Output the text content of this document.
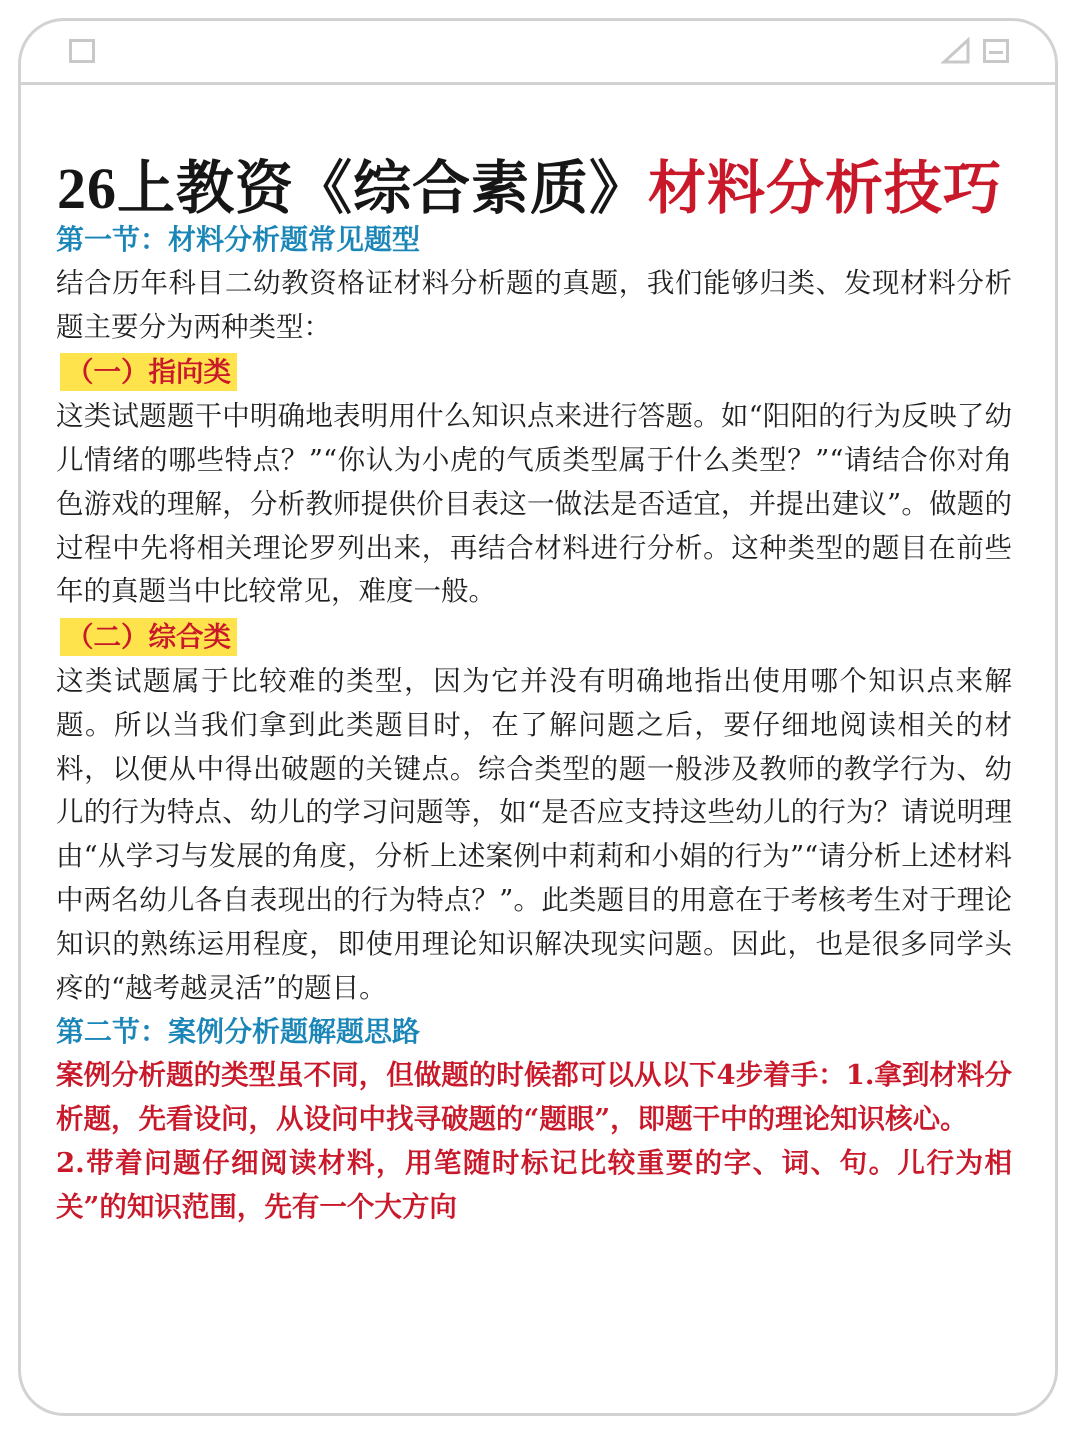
26上教资《综合素质》材料分析技巧

第一节：材料分析题常见题型

结合历年科目二幼教资格证材料分析题的真题，我们能够归类、发现材料分析题主要分为两种类型：

（一）指向类

这类试题题干中明确地表明用什么知识点来进行答题。如“阳阳的行为反映了幼儿情绪的哪些特点？”“你认为小虎的气质类型属于什么类型？”“请结合你对角色游戏的理解，分析教师提供价目表这一做法是否适宜，并提出建议”。做题的过程中先将相关理论罗列出来，再结合材料进行分析。这种类型的题目在前些年的真题当中比较常见，难度一般。

（二）综合类

这类试题属于比较难的类型，因为它并没有明确地指出使用哪个知识点来解题。所以当我们拿到此类题目时，在了解问题之后，要仔细地阅读相关的材料，以便从中得出破题的关键点。综合类型的题一般涉及教师的教学行为、幼儿的行为特点、幼儿的学习问题等，如“是否应支持这些幼儿的行为？请说明理由“从学习与发展的角度，分析上述案例中莉莉和小娟的行为”“请分析上述材料中两名幼儿各自表现出的行为特点？”。此类题目的用意在于考核考生对于理论知识的熟练运用程度，即使用理论知识解决现实问题。因此，也是很多同学头疼的“越考越灵活”的题目。

第二节：案例分析题解题思路

案例分析题的类型虽不同，但做题的时候都可以从以下4步着手：1.拿到材料分析题，先看设问，从设问中找寻破题的“题眼”，即题干中的理论知识核心。

2.带着问题仔细阅读材料，用笔随时标记比较重要的字、词、句。儿行为相关”的知识范围，先有一个大方向
